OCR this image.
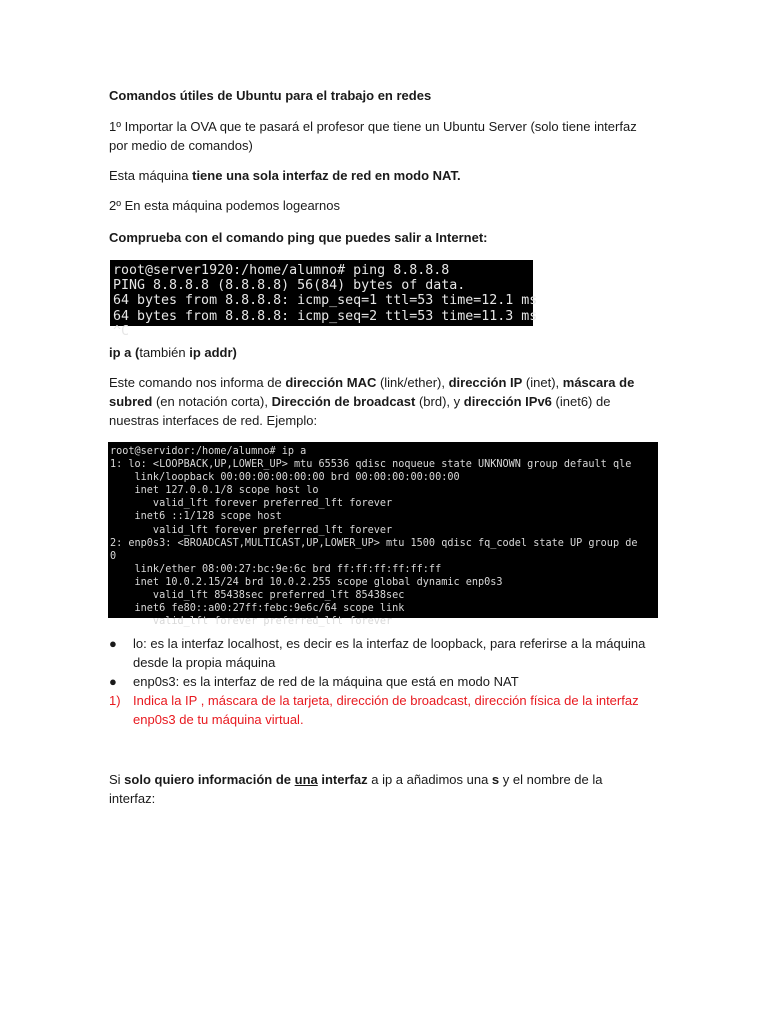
Comandos útiles de Ubuntu para el trabajo en redes

1º Importar la OVA que te pasará el profesor que tiene un Ubuntu Server (solo tiene interfaz por medio de comandos)

Esta máquina tiene una sola interfaz de red en modo NAT.

2º En esta máquina podemos logearnos

Comprueba con el comando ping que puedes salir a Internet:

root@server1920:/home/alumno# ping 8.8.8.8
PING 8.8.8.8 (8.8.8.8) 56(84) bytes of data.
64 bytes from 8.8.8.8: icmp_seq=1 ttl=53 time=12.1 ms
64 bytes from 8.8.8.8: icmp_seq=2 ttl=53 time=11.3 ms
^C

ip a (también ip addr)

Este comando nos informa de dirección MAC (link/ether), dirección IP (inet), máscara de subred (en notación corta), Dirección de broadcast (brd), y dirección IPv6 (inet6) de nuestras interfaces de red. Ejemplo:

root@servidor:/home/alumno# ip a
1: lo: <LOOPBACK,UP,LOWER_UP> mtu 65536 qdisc noqueue state UNKNOWN group default qle
link/loopback 00:00:00:00:00:00 brd 00:00:00:00:00:00
inet 127.0.0.1/8 scope host lo
valid_lft forever preferred_lft forever
inet6 ::1/128 scope host
valid_lft forever preferred_lft forever
2: enp0s3: <BROADCAST,MULTICAST,UP,LOWER_UP> mtu 1500 qdisc fq_codel state UP group de
0
link/ether 08:00:27:bc:9e:6c brd ff:ff:ff:ff:ff:ff
inet 10.0.2.15/24 brd 10.0.2.255 scope global dynamic enp0s3
valid_lft 85438sec preferred_lft 85438sec
inet6 fe80::a00:27ff:febc:9e6c/64 scope link
valid_lft forever preferred_lft forever
● lo: es la interfaz localhost, es decir es la interfaz de loopback, para referirse a la máquina desde la propia máquina
● enp0s3: es la interfaz de red de la máquina que está en modo NAT
1) Indica la IP , máscara de la tarjeta, dirección de broadcast, dirección física de la interfaz enp0s3 de tu máquina virtual.

Si solo quiero información de una interfaz a ip a añadimos una s y el nombre de la interfaz:
